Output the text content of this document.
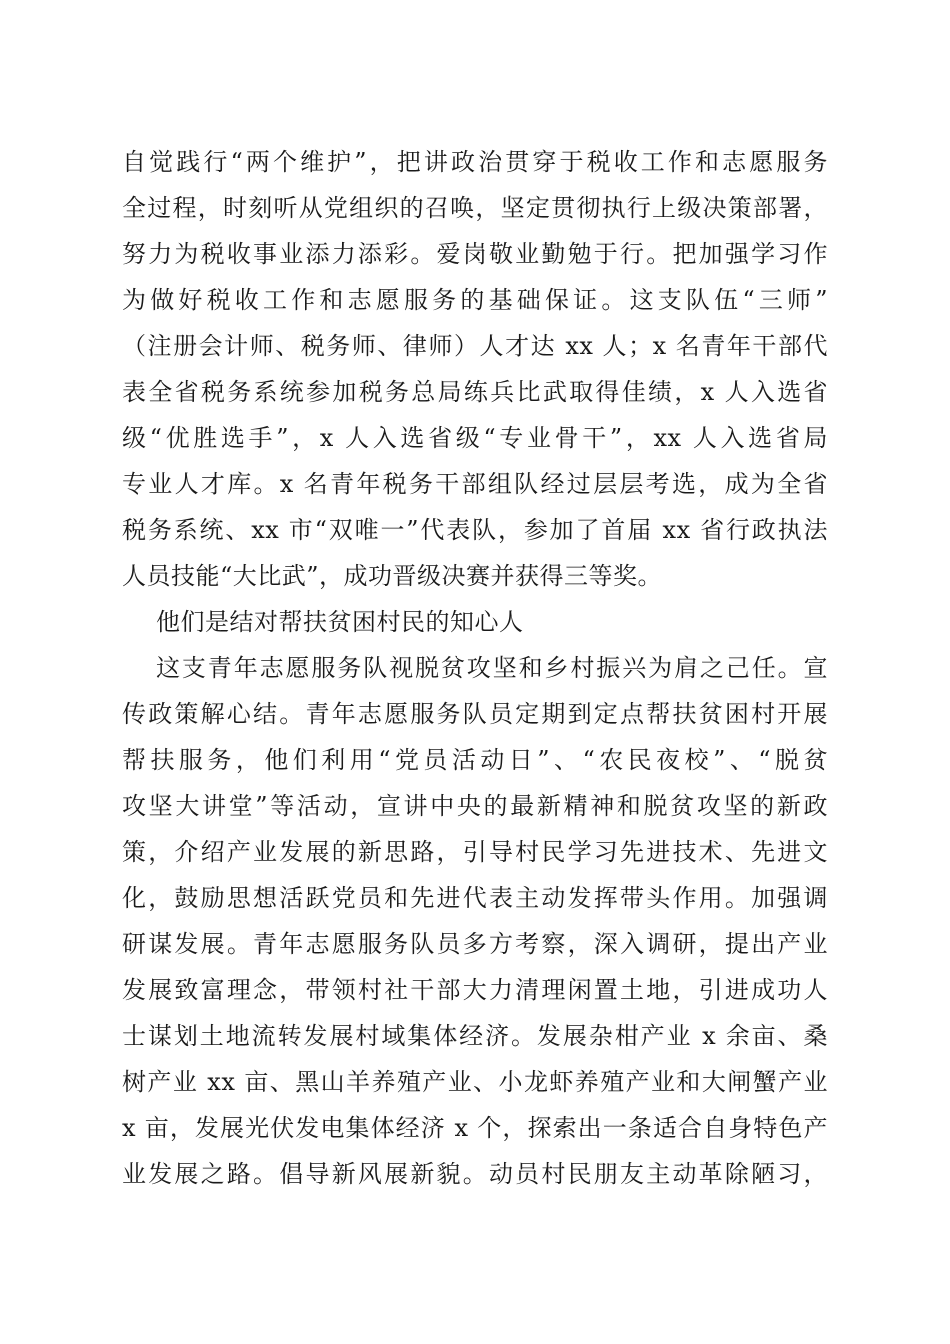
自觉践行“两个维护”，把讲政治贯穿于税收工作和志愿服务
全过程，时刻听从党组织的召唤，坚定贯彻执行上级决策部署，
努力为税收事业添力添彩。爱岗敬业勤勉于行。把加强学习作
为做好税收工作和志愿服务的基础保证。这支队伍“三师”
（注册会计师、税务师、律师）人才达 xx 人；x 名青年干部代
表全省税务系统参加税务总局练兵比武取得佳绩，x 人入选省
级“优胜选手”，x 人入选省级“专业骨干”，xx 人入选省局
专业人才库。x 名青年税务干部组队经过层层考选，成为全省
税务系统、xx 市“双唯一”代表队，参加了首届 xx 省行政执法
人员技能“大比武”，成功晋级决赛并获得三等奖。
他们是结对帮扶贫困村民的知心人
这支青年志愿服务队视脱贫攻坚和乡村振兴为肩之己任。宣
传政策解心结。青年志愿服务队员定期到定点帮扶贫困村开展
帮扶服务，他们利用“党员活动日”、“农民夜校”、“脱贫
攻坚大讲堂”等活动，宣讲中央的最新精神和脱贫攻坚的新政
策，介绍产业发展的新思路，引导村民学习先进技术、先进文
化，鼓励思想活跃党员和先进代表主动发挥带头作用。加强调
研谋发展。青年志愿服务队员多方考察，深入调研，提出产业
发展致富理念，带领村社干部大力清理闲置土地，引进成功人
士谋划土地流转发展村域集体经济。发展杂柑产业 x 余亩、桑
树产业 xx 亩、黑山羊养殖产业、小龙虾养殖产业和大闸蟹产业
x 亩，发展光伏发电集体经济 x 个，探索出一条适合自身特色产
业发展之路。倡导新风展新貌。动员村民朋友主动革除陋习，
